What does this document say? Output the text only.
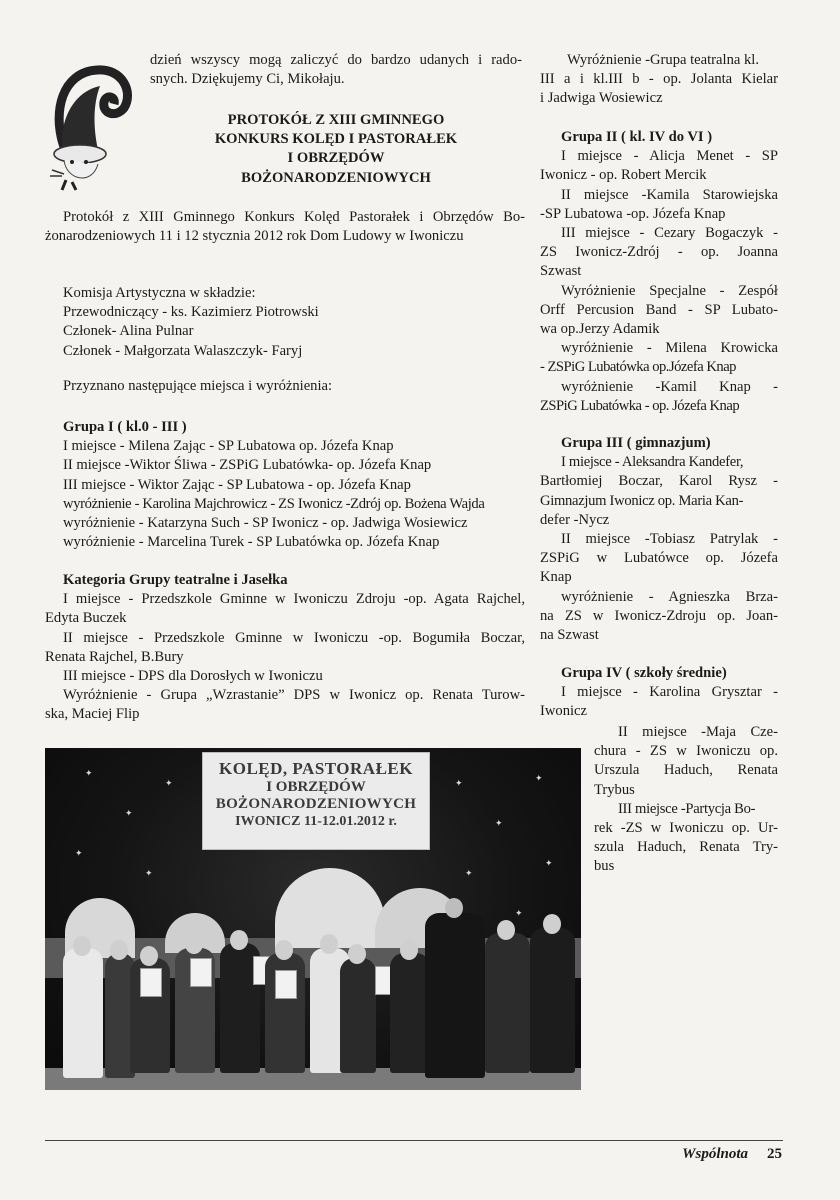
dzień wszyscy mogą zaliczyć do bardzo udanych i rado-
snych. Dziękujemy Ci, Mikołaju.
PROTOKÓŁ Z XIII GMINNEGO
KONKURS KOLĘD I PASTORAŁEK
I OBRZĘDÓW
BOŻONARODZENIOWYCH
Protokół z XIII Gminnego Konkurs Kolęd Pastorałek i Obrzędów Bo-
żonarodzeniowych 11 i 12 stycznia 2012 rok Dom Ludowy w Iwoniczu
Komisja Artystyczna w składzie:
Przewodniczący - ks. Kazimierz Piotrowski
Członek- Alina Pulnar
Członek - Małgorzata Walaszczyk- Faryj
Przyznano następujące miejsca i wyróżnienia:
Grupa I ( kl.0 - III )
I miejsce - Milena Zając - SP Lubatowa op. Józefa Knap
II miejsce -Wiktor Śliwa - ZSPiG Lubatówka- op. Józefa Knap
III miejsce - Wiktor Zając - SP Lubatowa - op. Józefa Knap
wyróżnienie - Karolina Majchrowicz - ZS Iwonicz -Zdrój op. Bożena Wajda
wyróżnienie - Katarzyna Such - SP Iwonicz - op. Jadwiga Wosiewicz
wyróżnienie - Marcelina Turek - SP Lubatówka op. Józefa Knap
Kategoria Grupy teatralne i Jasełka
I miejsce - Przedszkole Gminne w Iwoniczu Zdroju -op. Agata Rajchel,
Edyta Buczek
II miejsce - Przedszkole Gminne w Iwoniczu -op. Bogumiła Boczar,
Renata Rajchel, B.Bury
III miejsce - DPS dla Dorosłych w Iwoniczu
Wyróżnienie - Grupa „Wzrastanie” DPS w Iwonicz op. Renata Turow-
ska, Maciej Flip
Wyróżnienie -Grupa teatralna kl.
III a i kl.III b - op. Jolanta Kielar
i Jadwiga Wosiewicz
Grupa II ( kl. IV do VI )
I miejsce - Alicja Menet - SP
Iwonicz - op. Robert Mercik
II miejsce -Kamila Starowiejska
-SP Lubatowa -op. Józefa Knap
III miejsce - Cezary Bogaczyk -
ZS Iwonicz-Zdrój - op. Joanna
Szwast
Wyróżnienie Specjalne - Zespół
Orff Percusion Band - SP Lubato-
wa op.Jerzy Adamik
wyróżnienie - Milena Krowicka
- ZSPiG Lubatówka op.Józefa Knap
wyróżnienie -Kamil Knap -
ZSPiG Lubatówka - op. Józefa Knap
Grupa III ( gimnazjum)
I miejsce - Aleksandra Kandefer,
Bartłomiej Boczar, Karol Rysz -
Gimnazjum Iwonicz op. Maria Kan-
defer -Nycz
II miejsce -Tobiasz Patrylak -
ZSPiG w Lubatówce op. Józefa
Knap
wyróżnienie - Agnieszka Brza-
na ZS w Iwonicz-Zdroju op. Joan-
na Szwast
Grupa IV ( szkoły średnie)
I miejsce - Karolina Grysztar -
Iwonicz
II miejsce -Maja Cze-
chura - ZS w Iwoniczu op.
Urszula Haduch, Renata
Trybus
III miejsce -Partycja Bo-
rek -ZS w Iwoniczu op. Ur-
szula Haduch, Renata Try-
bus
✦
✦
✦
✦
✦
✦
✦
✦
✦
✦
✦
KOLĘD, PASTORAŁEK
I OBRZĘDÓW
BOŻONARODZENIOWYCH
IWONICZ 11-12.01.2012 r.
Wspólnota 25
